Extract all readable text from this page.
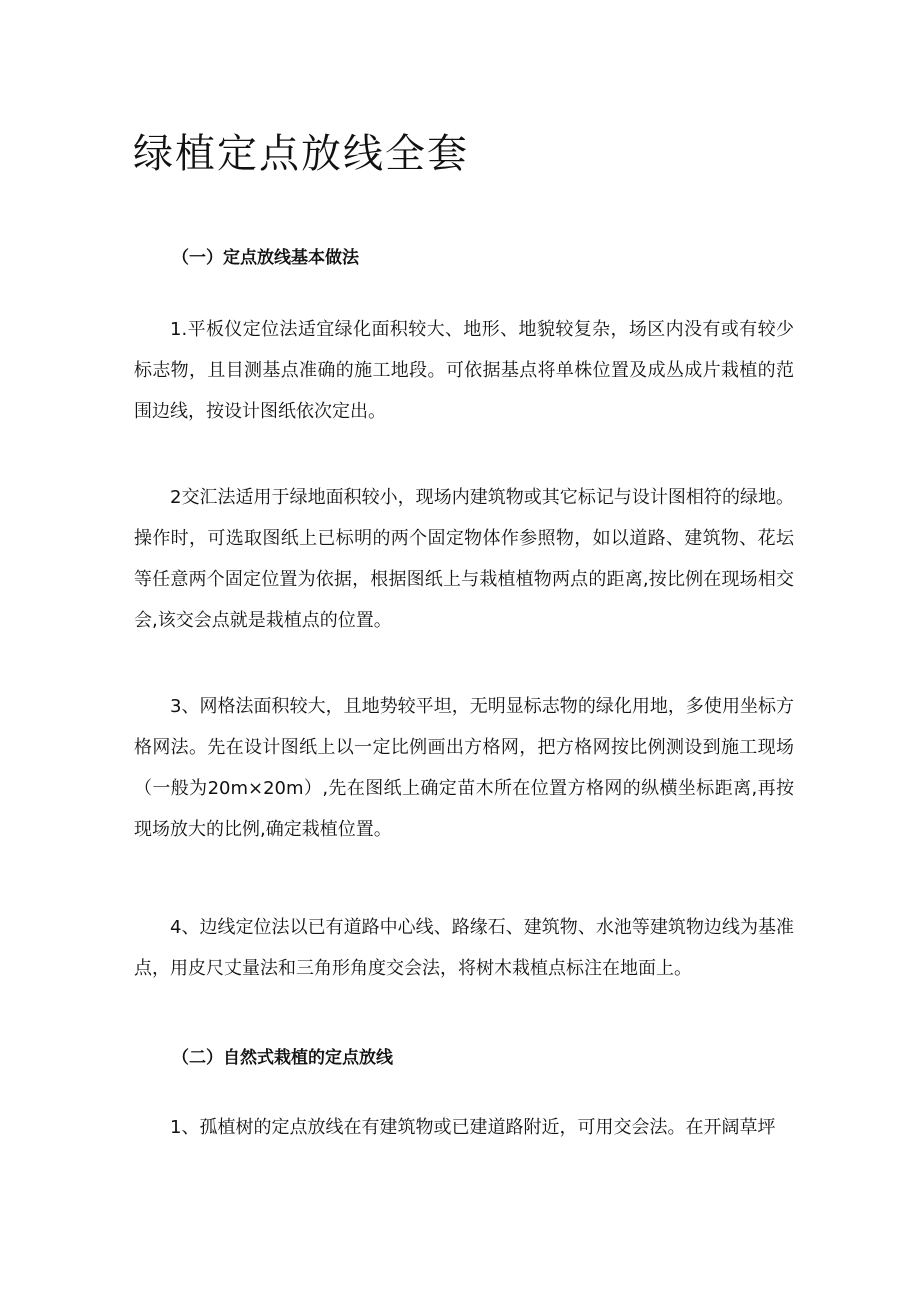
绿植定点放线全套
（一）定点放线基本做法

1.平板仪定位法适宜绿化面积较大、地形、地貌较复杂，场区内没有或有较少标志物，且目测基点准确的施工地段。可依据基点将单株位置及成丛成片栽植的范围边线，按设计图纸依次定出。

2交汇法适用于绿地面积较小，现场内建筑物或其它标记与设计图相符的绿地。操作时，可选取图纸上已标明的两个固定物体作参照物，如以道路、建筑物、花坛等任意两个固定位置为依据，根据图纸上与栽植植物两点的距离,按比例在现场相交会,该交会点就是栽植点的位置。

3、网格法面积较大，且地势较平坦，无明显标志物的绿化用地，多使用坐标方格网法。先在设计图纸上以一定比例画出方格网，把方格网按比例测设到施工现场（一般为20m×20m）,先在图纸上确定苗木所在位置方格网的纵横坐标距离,再按现场放大的比例,确定栽植位置。

4、边线定位法以已有道路中心线、路缘石、建筑物、水池等建筑物边线为基准点，用皮尺丈量法和三角形角度交会法，将树木栽植点标注在地面上。

（二）自然式栽植的定点放线

1、孤植树的定点放线在有建筑物或已建道路附近，可用交会法。在开阔草坪
